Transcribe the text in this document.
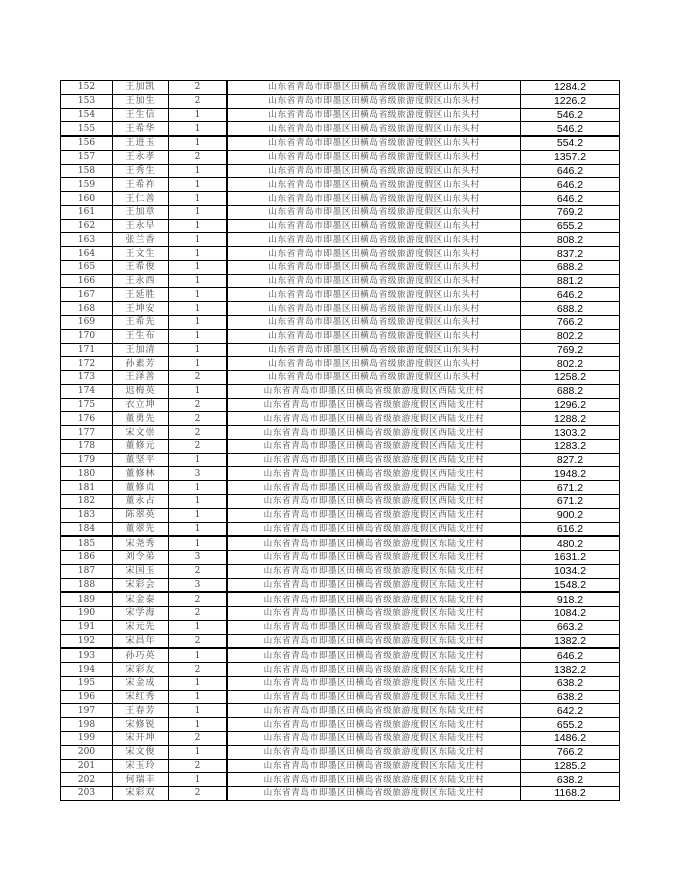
152	王加凯	2	山东省青岛市即墨区田横岛省级旅游度假区山东头村	1284.2
153	王加生	2	山东省青岛市即墨区田横岛省级旅游度假区山东头村	1226.2
154	王生信	1	山东省青岛市即墨区田横岛省级旅游度假区山东头村	546.2
155	王希华	1	山东省青岛市即墨区田横岛省级旅游度假区山东头村	546.2
156	王进玉	1	山东省青岛市即墨区田横岛省级旅游度假区山东头村	554.2
157	王永孝	2	山东省青岛市即墨区田横岛省级旅游度假区山东头村	1357.2
158	王秀生	1	山东省青岛市即墨区田横岛省级旅游度假区山东头村	646.2
159	王希祚	1	山东省青岛市即墨区田横岛省级旅游度假区山东头村	646.2
160	王仁善	1	山东省青岛市即墨区田横岛省级旅游度假区山东头村	646.2
161	王加章	1	山东省青岛市即墨区田横岛省级旅游度假区山东头村	769.2
162	王永早	1	山东省青岛市即墨区田横岛省级旅游度假区山东头村	655.2
163	张兰香	1	山东省青岛市即墨区田横岛省级旅游度假区山东头村	808.2
164	王文生	1	山东省青岛市即墨区田横岛省级旅游度假区山东头村	837.2
165	王希俊	1	山东省青岛市即墨区田横岛省级旅游度假区山东头村	688.2
166	王永西	1	山东省青岛市即墨区田横岛省级旅游度假区山东头村	881.2
167	王延胜	1	山东省青岛市即墨区田横岛省级旅游度假区山东头村	646.2
168	王坤安	1	山东省青岛市即墨区田横岛省级旅游度假区山东头村	688.2
169	王希先	1	山东省青岛市即墨区田横岛省级旅游度假区山东头村	766.2
170	王生布	1	山东省青岛市即墨区田横岛省级旅游度假区山东头村	802.2
171	王加清	1	山东省青岛市即墨区田横岛省级旅游度假区山东头村	769.2
172	孙素芳	1	山东省青岛市即墨区田横岛省级旅游度假区山东头村	802.2
173	王泽善	2	山东省青岛市即墨区田横岛省级旅游度假区山东头村	1258.2
174	迟梅英	1	山东省青岛市即墨区田横岛省级旅游度假区西陆戈庄村	688.2
175	衣立坤	2	山东省青岛市即墨区田横岛省级旅游度假区西陆戈庄村	1296.2
176	董勇先	2	山东省青岛市即墨区田横岛省级旅游度假区西陆戈庄村	1288.2
177	宋文崇	2	山东省青岛市即墨区田横岛省级旅游度假区西陆戈庄村	1303.2
178	董修元	2	山东省青岛市即墨区田横岛省级旅游度假区西陆戈庄村	1283.2
179	董坚平	1	山东省青岛市即墨区田横岛省级旅游度假区西陆戈庄村	827.2
180	董修林	3	山东省青岛市即墨区田横岛省级旅游度假区西陆戈庄村	1948.2
181	董修贞	1	山东省青岛市即墨区田横岛省级旅游度假区西陆戈庄村	671.2
182	董永占	1	山东省青岛市即墨区田横岛省级旅游度假区西陆戈庄村	671.2
183	陈翠英	1	山东省青岛市即墨区田横岛省级旅游度假区西陆戈庄村	900.2
184	董翠先	1	山东省青岛市即墨区田横岛省级旅游度假区西陆戈庄村	616.2
185	宋尧秀	1	山东省青岛市即墨区田横岛省级旅游度假区东陆戈庄村	480.2
186	刘令弟	3	山东省青岛市即墨区田横岛省级旅游度假区东陆戈庄村	1631.2
187	宋国玉	2	山东省青岛市即墨区田横岛省级旅游度假区东陆戈庄村	1034.2
188	宋彩会	3	山东省青岛市即墨区田横岛省级旅游度假区东陆戈庄村	1548.2
189	宋金泰	2	山东省青岛市即墨区田横岛省级旅游度假区东陆戈庄村	918.2
190	宋学海	2	山东省青岛市即墨区田横岛省级旅游度假区东陆戈庄村	1084.2
191	宋元先	1	山东省青岛市即墨区田横岛省级旅游度假区东陆戈庄村	663.2
192	宋昌年	2	山东省青岛市即墨区田横岛省级旅游度假区东陆戈庄村	1382.2
193	孙巧英	1	山东省青岛市即墨区田横岛省级旅游度假区东陆戈庄村	646.2
194	宋彩友	2	山东省青岛市即墨区田横岛省级旅游度假区东陆戈庄村	1382.2
195	宋金成	1	山东省青岛市即墨区田横岛省级旅游度假区东陆戈庄村	638.2
196	宋红秀	1	山东省青岛市即墨区田横岛省级旅游度假区东陆戈庄村	638.2
197	王春芳	1	山东省青岛市即墨区田横岛省级旅游度假区东陆戈庄村	642.2
198	宋修锐	1	山东省青岛市即墨区田横岛省级旅游度假区东陆戈庄村	655.2
199	宋开坤	2	山东省青岛市即墨区田横岛省级旅游度假区东陆戈庄村	1486.2
200	宋文俊	1	山东省青岛市即墨区田横岛省级旅游度假区东陆戈庄村	766.2
201	宋玉玲	2	山东省青岛市即墨区田横岛省级旅游度假区东陆戈庄村	1285.2
202	何瑞丰	1	山东省青岛市即墨区田横岛省级旅游度假区东陆戈庄村	638.2
203	宋彩双	2	山东省青岛市即墨区田横岛省级旅游度假区东陆戈庄村	1168.2
